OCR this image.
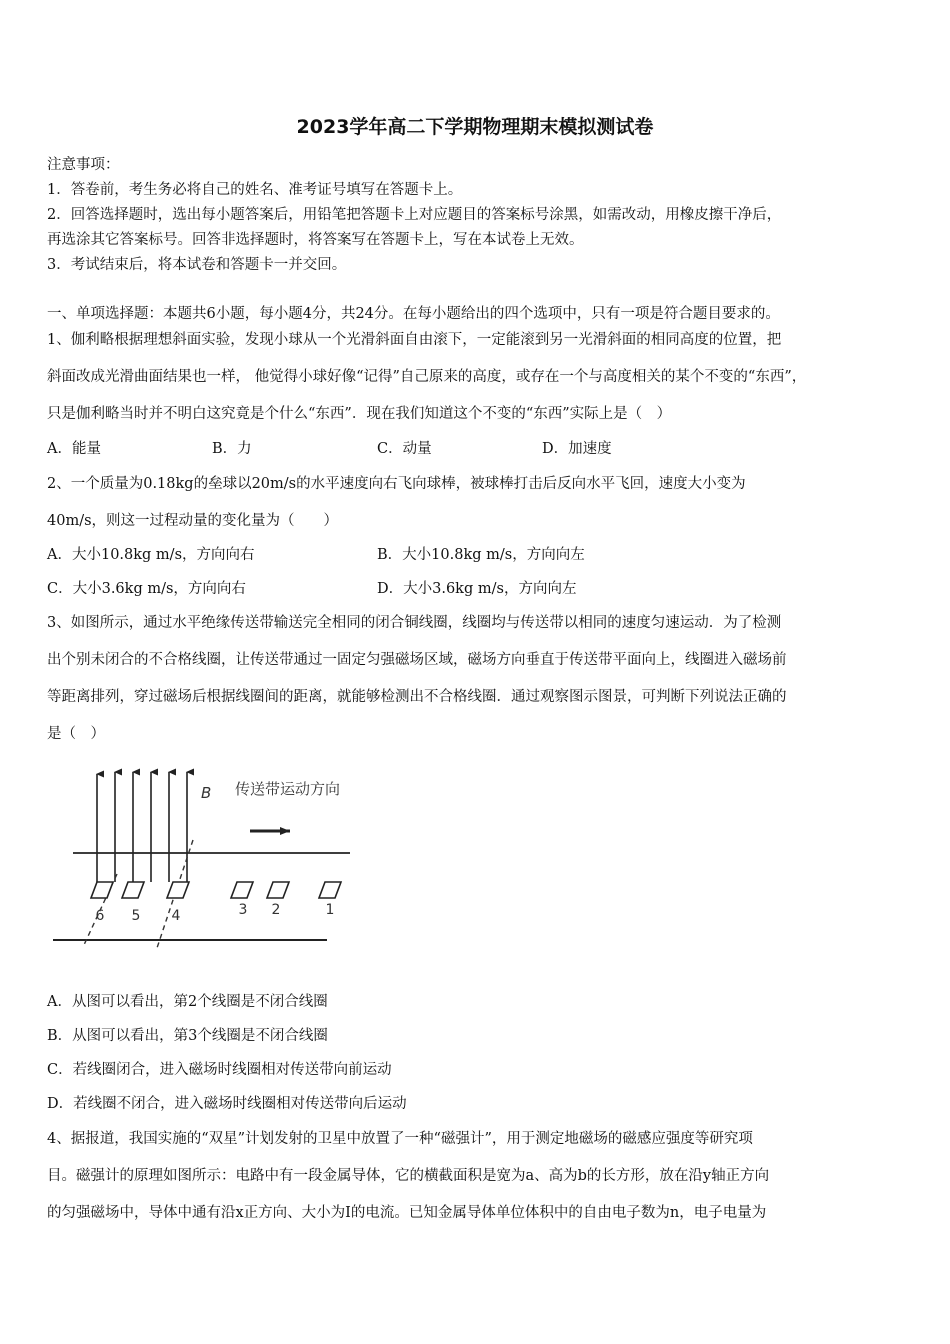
2023学年高二下学期物理期末模拟测试卷
注意事项：
1．答卷前，考生务必将自己的姓名、准考证号填写在答题卡上。
2．回答选择题时，选出每小题答案后，用铅笔把答题卡上对应题目的答案标号涂黑，如需改动，用橡皮擦干净后，
再选涂其它答案标号。回答非选择题时，将答案写在答题卡上，写在本试卷上无效。
3．考试结束后，将本试卷和答题卡一并交回。
一、单项选择题：本题共6小题，每小题4分，共24分。在每小题给出的四个选项中，只有一项是符合题目要求的。
1、伽利略根据理想斜面实验，发现小球从一个光滑斜面自由滚下，一定能滚到另一光滑斜面的相同高度的位置，把
斜面改成光滑曲面结果也一样， 他觉得小球好像“记得”自己原来的高度，或存在一个与高度相关的某个不变的“东西”，
只是伽利略当时并不明白这究竟是个什么“东西”．现在我们知道这个不变的“东西”实际上是（　）
A．能量	B．力	C．动量	D．加速度
2、一个质量为0.18kg的垒球以20m/s的水平速度向右飞向球棒，被球棒打击后反向水平飞回，速度大小变为
40m/s，则这一过程动量的变化量为（　　）
A．大小10.8kg m/s，方向向右	B．大小10.8kg m/s，方向向左
C．大小3.6kg m/s，方向向右	D．大小3.6kg m/s，方向向左
3、如图所示，通过水平绝缘传送带输送完全相同的闭合铜线圈，线圈均与传送带以相同的速度匀速运动．为了检测
出个别未闭合的不合格线圈，让传送带通过一固定匀强磁场区域，磁场方向垂直于传送带平面向上，线圈进入磁场前
等距离排列，穿过磁场后根据线圈间的距离，就能够检测出不合格线圈．通过观察图示图景，可判断下列说法正确的
是（　）
B 传送带运动方向
6 5 4	3 2	1
A．从图可以看出，第2个线圈是不闭合线圈
B．从图可以看出，第3个线圈是不闭合线圈
C．若线圈闭合，进入磁场时线圈相对传送带向前运动
D．若线圈不闭合，进入磁场时线圈相对传送带向后运动
4、据报道，我国实施的“双星”计划发射的卫星中放置了一种“磁强计”，用于测定地磁场的磁感应强度等研究项
目。磁强计的原理如图所示：电路中有一段金属导体，它的横截面积是宽为a、高为b的长方形，放在沿y轴正方向
的匀强磁场中，导体中通有沿x正方向、大小为I的电流。已知金属导体单位体积中的自由电子数为n，电子电量为
